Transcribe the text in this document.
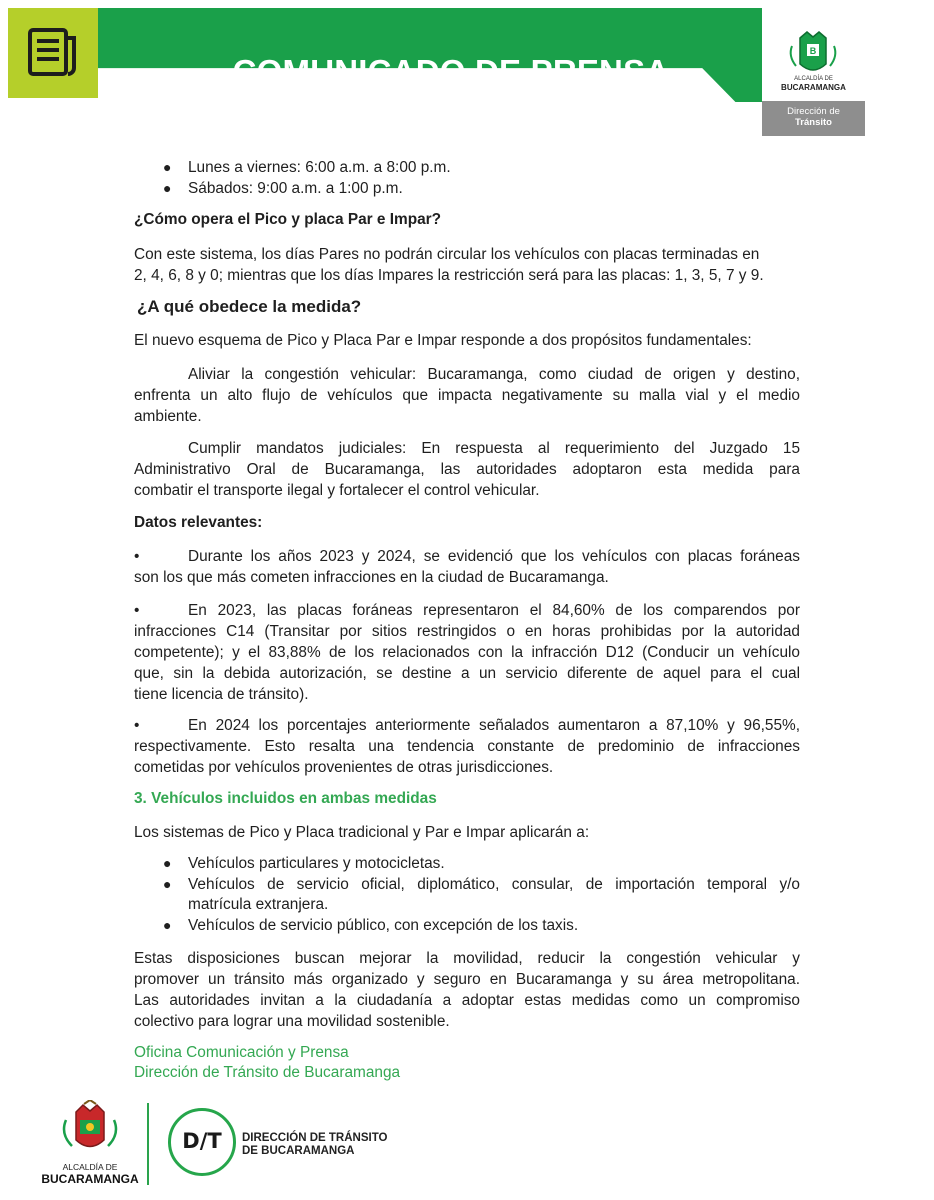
COMUNICADO DE PRENSA
B
ALCALDÍA DE
BUCARAMANGA
Dirección de
Tránsito
● Lunes a viernes: 6:00 a.m. a 8:00 p.m.
● Sábados: 9:00 a.m. a 1:00 p.m.
¿Cómo opera el Pico y placa Par e Impar?
Con este sistema, los días Pares no podrán circular los vehículos con placas terminadas en
2, 4, 6, 8 y 0; mientras que los días Impares la restricción será para las placas: 1, 3, 5, 7 y 9.
¿A qué obedece la medida?
El nuevo esquema de Pico y Placa Par e Impar responde a dos propósitos fundamentales:
Aliviar la congestión vehicular: Bucaramanga, como ciudad de origen y destino,
enfrenta un alto flujo de vehículos que impacta negativamente su malla vial y el medio
ambiente.
Cumplir mandatos judiciales: En respuesta al requerimiento del Juzgado 15
Administrativo Oral de Bucaramanga, las autoridades adoptaron esta medida para
combatir el transporte ilegal y fortalecer el control vehicular.
Datos relevantes:
•	Durante los años 2023 y 2024, se evidenció que los vehículos con placas foráneas
son los que más cometen infracciones en la ciudad de Bucaramanga.
•	En 2023, las placas foráneas representaron el 84,60% de los comparendos por
infracciones C14 (Transitar por sitios restringidos o en horas prohibidas por la autoridad
competente); y el 83,88% de los relacionados con la infracción D12 (Conducir un vehículo
que, sin la debida autorización, se destine a un servicio diferente de aquel para el cual
tiene licencia de tránsito).
•	En 2024 los porcentajes anteriormente señalados aumentaron a 87,10% y 96,55%,
respectivamente. Esto resalta una tendencia constante de predominio de infracciones
cometidas por vehículos provenientes de otras jurisdicciones.
3. Vehículos incluidos en ambas medidas
Los sistemas de Pico y Placa tradicional y Par e Impar aplicarán a:
● Vehículos particulares y motocicletas.
● Vehículos de servicio oficial, diplomático, consular, de importación temporal y/o
matrícula extranjera.
● Vehículos de servicio público, con excepción de los taxis.
Estas disposiciones buscan mejorar la movilidad, reducir la congestión vehicular y
promover un tránsito más organizado y seguro en Bucaramanga y su área metropolitana.
Las autoridades invitan a la ciudadanía a adoptar estas medidas como un compromiso
colectivo para lograr una movilidad sostenible.
Oficina Comunicación y Prensa
Dirección de Tránsito de Bucaramanga
ALCALDÍA DE
BUCARAMANGA
D/T	DIRECCIÓN DE TRÁNSITO
DE BUCARAMANGA
